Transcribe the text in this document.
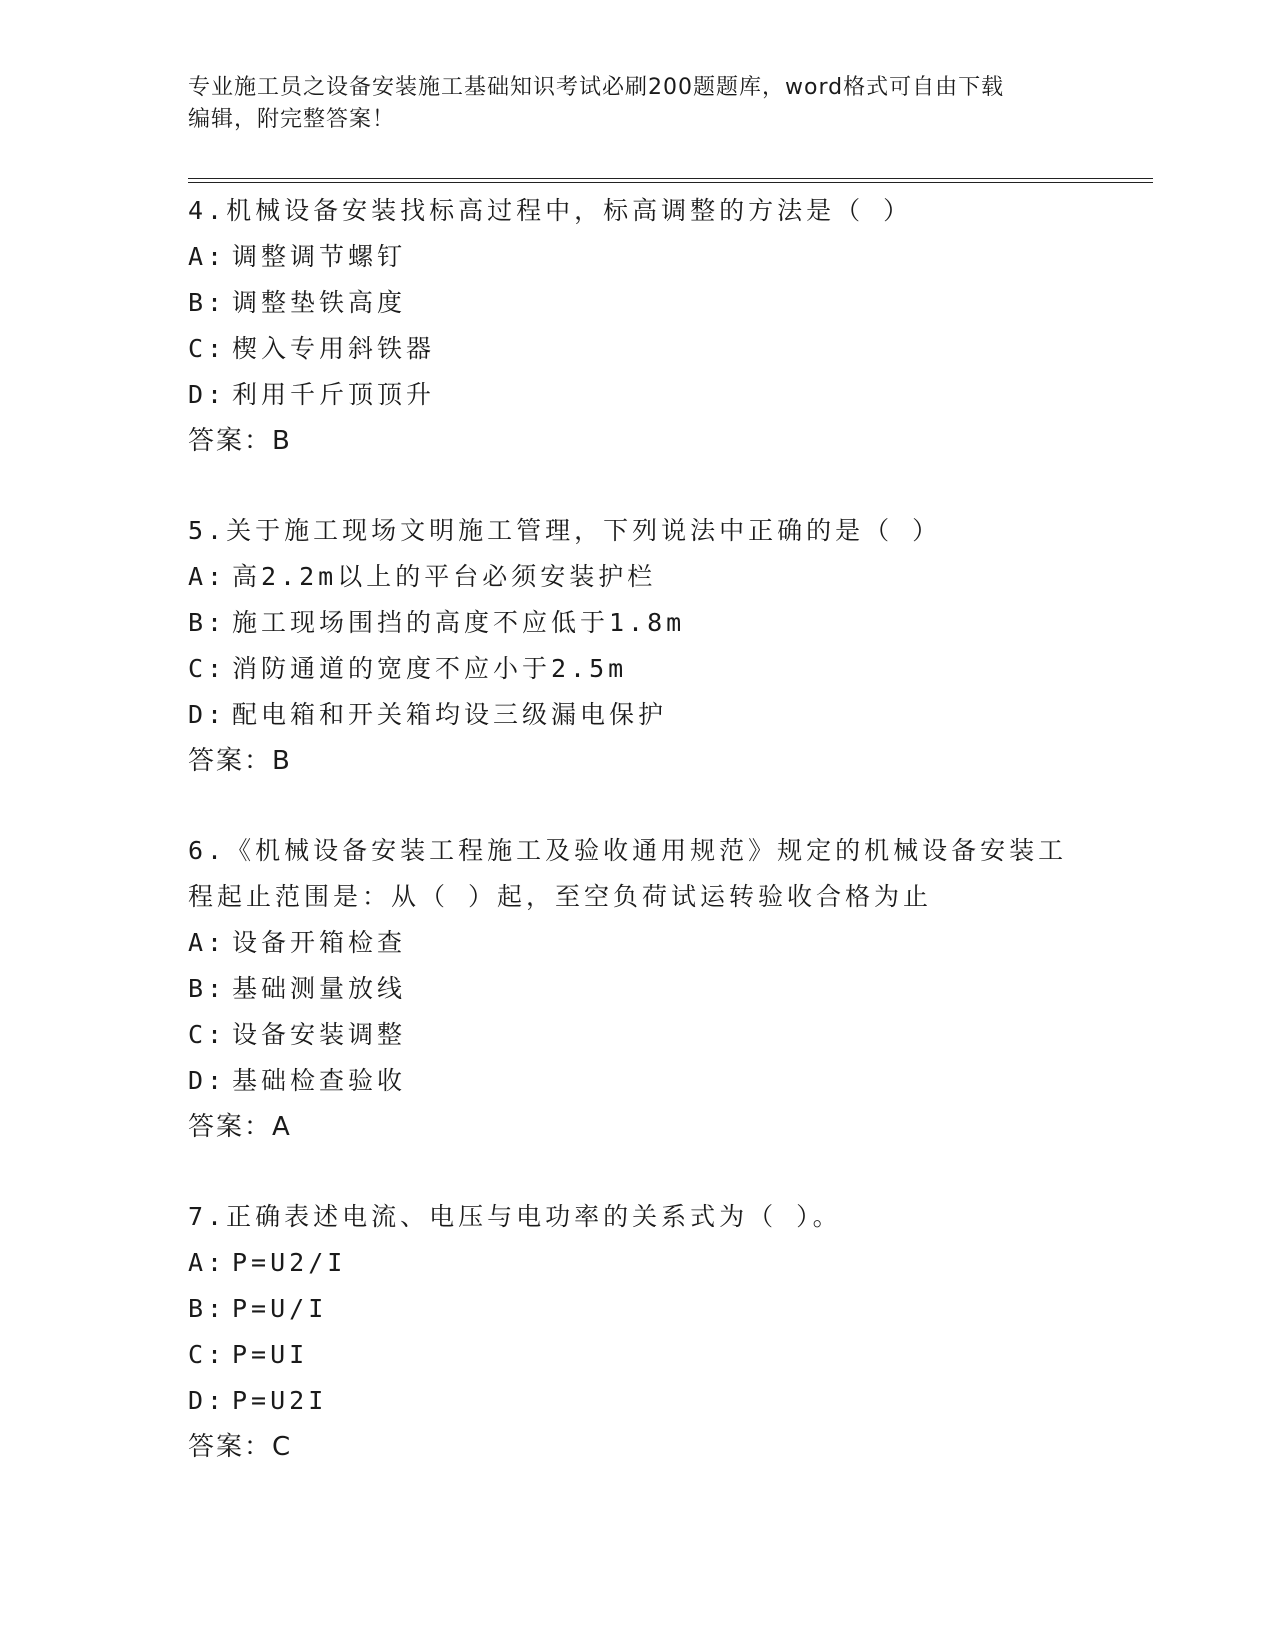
专业施工员之设备安装施工基础知识考试必刷200题题库，word格式可自由下载
编辑，附完整答案！

4.机械设备安装找标高过程中，标高调整的方法是（ ）

A: 调整调节螺钉
B: 调整垫铁高度
C: 楔入专用斜铁器
D: 利用千斤顶顶升

答案：B

5.关于施工现场文明施工管理，下列说法中正确的是（ ）

A: 高2.2m以上的平台必须安装护栏
B: 施工现场围挡的高度不应低于1.8m
C: 消防通道的宽度不应小于2.5m
D: 配电箱和开关箱均设三级漏电保护

答案：B

6.《机械设备安装工程施工及验收通用规范》规定的机械设备安装工程起止范围是：从（ ）起，至空负荷试运转验收合格为止

A: 设备开箱检查
B: 基础测量放线
C: 设备安装调整
D: 基础检查验收

答案：A

7.正确表述电流、电压与电功率的关系式为（ ）。

A: P=U2/I
B: P=U/I
C: P=UI
D: P=U2I

答案：C
